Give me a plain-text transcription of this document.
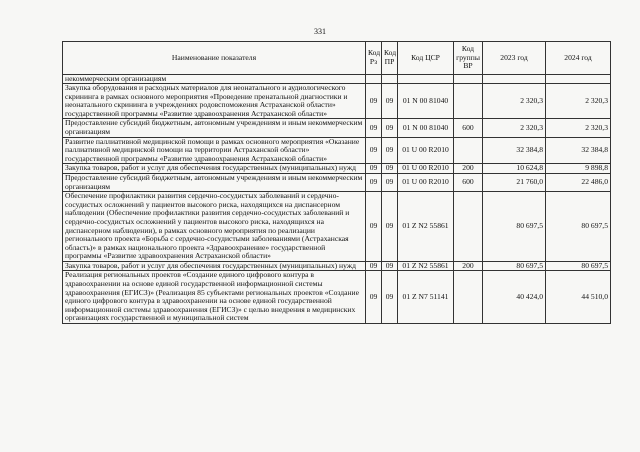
331
Наименование показателя	Код Рз	Код ПР	Код ЦСР	Код группы ВР	2023 год	2024 год
некоммерческим организациям						
Закупка оборудования и расходных материалов для неонатального и аудиологического скрининга в рамках основного мероприятия «Проведение пренатальной диагностики и неонатального скрининга в учреждениях родовспоможения Астраханской области» государственной программы «Развитие здравоохранения Астраханской области»	09	09	01 N 00 81040		2 320,3	2 320,3
Предоставление субсидий бюджетным, автономным учреждениям и иным некоммерческим организациям	09	09	01 N 00 81040	600	2 320,3	2 320,3
Развитие паллиативной медицинской помощи в рамках основного мероприятия «Оказание паллиативной медицинской помощи на территории Астраханской области» государственной программы «Развитие здравоохранения Астраханской области»	09	09	01 U 00 R2010		32 384,8	32 384,8
Закупка товаров, работ и услуг для обеспечения государственных (муниципальных) нужд	09	09	01 U 00 R2010	200	10 624,8	9 898,8
Предоставление субсидий бюджетным, автономным учреждениям и иным некоммерческим организациям	09	09	01 U 00 R2010	600	21 760,0	22 486,0
Обеспечение профилактики развития сердечно-сосудистых заболеваний и сердечно-сосудистых осложнений у пациентов высокого риска, находящихся на диспансерном наблюдении (Обеспечение профилактики развития сердечно-сосудистых заболеваний и сердечно-сосудистых осложнений у пациентов высокого риска, находящихся на диспансерном наблюдении), в рамках основного мероприятия по реализации регионального проекта «Борьба с сердечно-сосудистыми заболеваниями (Астраханская область)» в рамках национального проекта «Здравоохранение» государственной программы «Развитие здравоохранения Астраханской области»	09	09	01 Z N2 55861		80 697,5	80 697,5
Закупка товаров, работ и услуг для обеспечения государственных (муниципальных) нужд	09	09	01 Z N2 55861	200	80 697,5	80 697,5
Реализация региональных проектов «Создание единого цифрового контура в здравоохранении на основе единой государственной информационной системы здравоохранения (ЕГИСЗ)» (Реализация 85 субъектами региональных проектов «Создание единого цифрового контура в здравоохранении на основе единой государственной информационной системы здравоохранения (ЕГИСЗ)» с целью внедрения в медицинских организациях государственной и муниципальной систем	09	09	01 Z N7 51141		40 424,0	44 510,0
